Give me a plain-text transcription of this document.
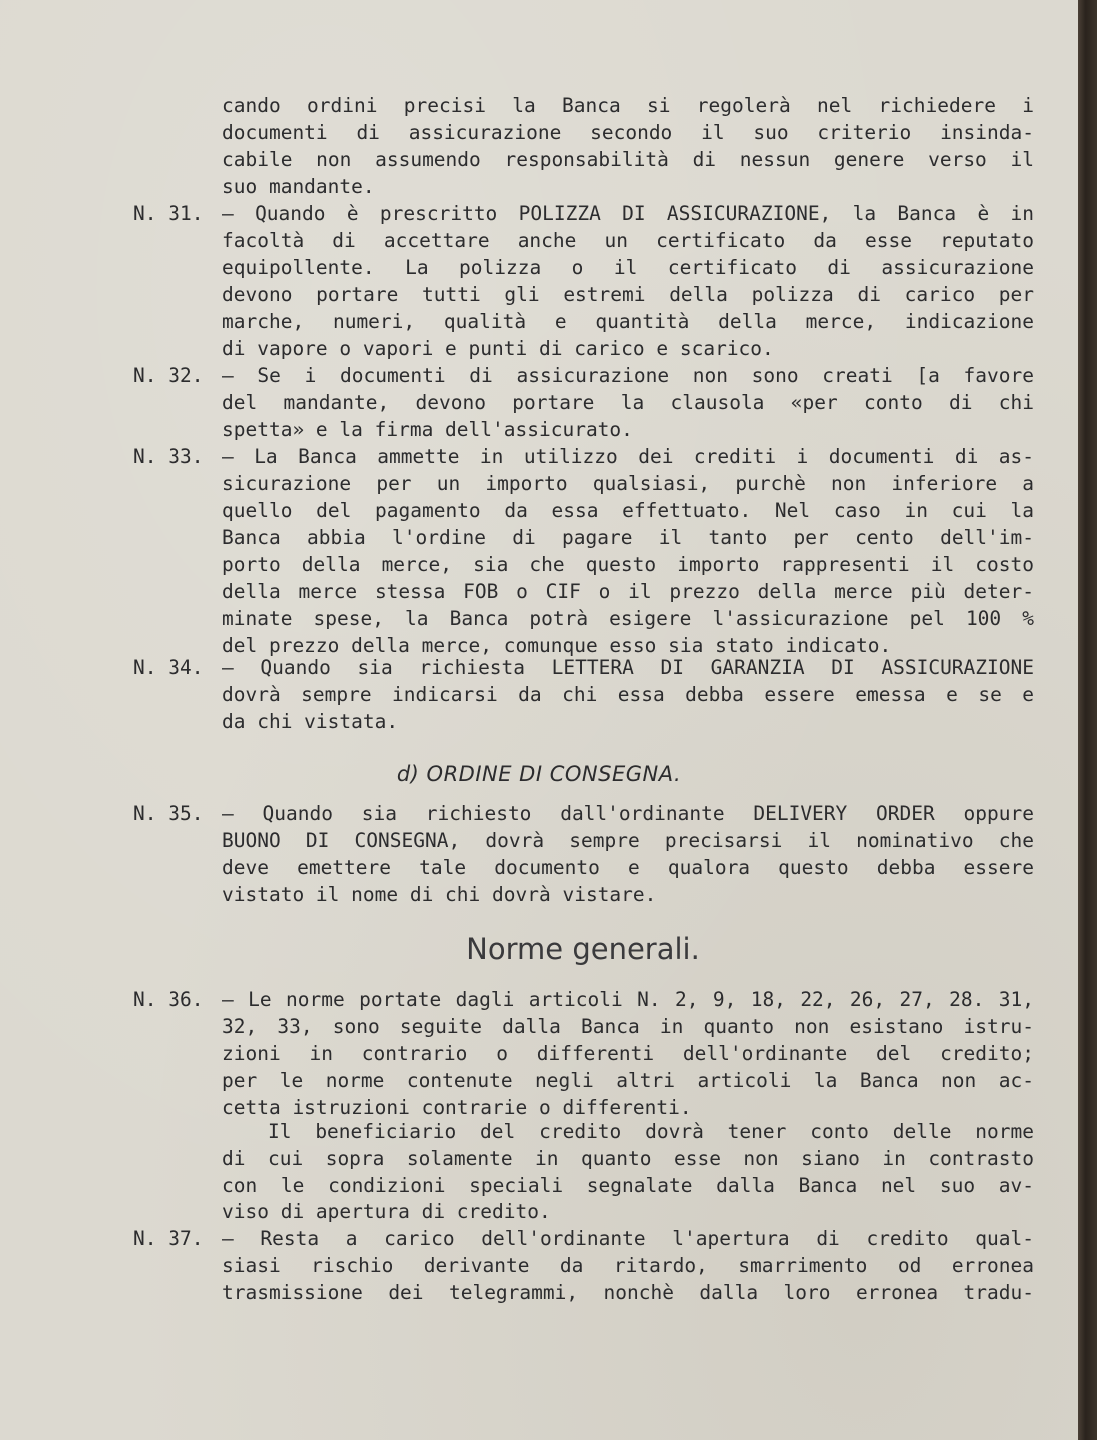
cando ordini precisi la Banca si regolerà nel richiedere i
documenti di assicurazione secondo il suo criterio insinda-
cabile non assumendo responsabilità di nessun genere verso il
suo mandante.
N. 31. — Quando è prescritto POLIZZA DI ASSICURAZIONE, la Banca è in
facoltà di accettare anche un certificato da esse reputato
equipollente. La polizza o il certificato di assicurazione
devono portare tutti gli estremi della polizza di carico per
marche, numeri, qualità e quantità della merce, indicazione
di vapore o vapori e punti di carico e scarico.
N. 32. — Se i documenti di assicurazione non sono creati [a favore
del mandante, devono portare la clausola «per conto di chi
spetta» e la firma dell'assicurato.
N. 33. — La Banca ammette in utilizzo dei crediti i documenti di as-
sicurazione per un importo qualsiasi, purchè non inferiore a
quello del pagamento da essa effettuato. Nel caso in cui la
Banca abbia l'ordine di pagare il tanto per cento dell'im-
porto della merce, sia che questo importo rappresenti il costo
della merce stessa FOB o CIF o il prezzo della merce più deter-
minate spese, la Banca potrà esigere l'assicurazione pel 100 %
del prezzo della merce, comunque esso sia stato indicato.
N. 34. — Quando sia richiesta LETTERA DI GARANZIA DI ASSICURAZIONE
dovrà sempre indicarsi da chi essa debba essere emessa e se e
da chi vistata.
d) ORDINE DI CONSEGNA.
N. 35. — Quando sia richiesto dall'ordinante DELIVERY ORDER oppure
BUONO DI CONSEGNA, dovrà sempre precisarsi il nominativo che
deve emettere tale documento e qualora questo debba essere
vistato il nome di chi dovrà vistare.
Norme generali.
N. 36. — Le norme portate dagli articoli N. 2, 9, 18, 22, 26, 27, 28. 31,
32, 33, sono seguite dalla Banca in quanto non esistano istru-
zioni in contrario o differenti dell'ordinante del credito;
per le norme contenute negli altri articoli la Banca non ac-
cetta istruzioni contrarie o differenti.
Il beneficiario del credito dovrà tener conto delle norme
di cui sopra solamente in quanto esse non siano in contrasto
con le condizioni speciali segnalate dalla Banca nel suo av-
viso di apertura di credito.
N. 37. — Resta a carico dell'ordinante l'apertura di credito qual-
siasi rischio derivante da ritardo, smarrimento od erronea
trasmissione dei telegrammi, nonchè dalla loro erronea tradu-
